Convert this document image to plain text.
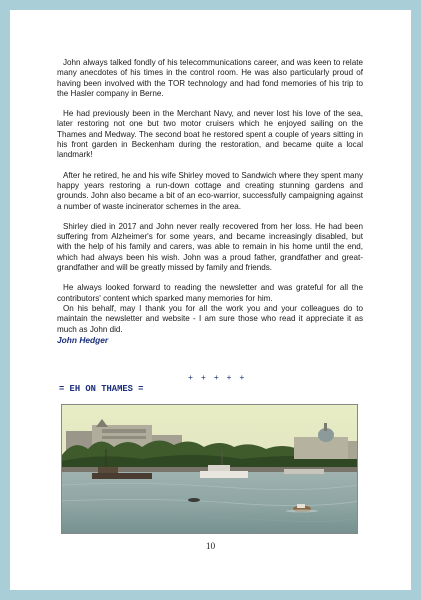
John always talked fondly of his telecommunications career, and was keen to relate many anecdotes of his times in the control room. He was also particularly proud of having been involved with the TOR technology and had fond memories of his trip to the Hasler company in Berne.

He had previously been in the Merchant Navy, and never lost his love of the sea, later restoring not one but two motor cruisers which he enjoyed sailing on the Thames and Medway. The second boat he restored spent a couple of years sitting in his front garden in Beckenham during the restoration, and became quite a local landmark!

After he retired, he and his wife Shirley moved to Sandwich where they spent many happy years restoring a run-down cottage and creating stunning gardens and grounds. John also became a bit of an eco-warrior, successfully campaigning against a number of waste incinerator schemes in the area.

Shirley died in 2017 and John never really recovered from her loss. He had been suffering from Alzheimer's for some years, and became increasingly disabled, but with the help of his family and carers, was able to remain in his home until the end, which had always been his wish. John was a proud father, grandfather and great-grandfather and will be greatly missed by family and friends.

He always looked forward to reading the newsletter and was grateful for all the contributors' content which sparked many memories for him.

On his behalf, may I thank you for all the work you and your colleagues do to maintain the newsletter and website - I am sure those who read it appreciate it as much as John did.

John Hedger

+ + + + +
= EH ON THAMES =
10
